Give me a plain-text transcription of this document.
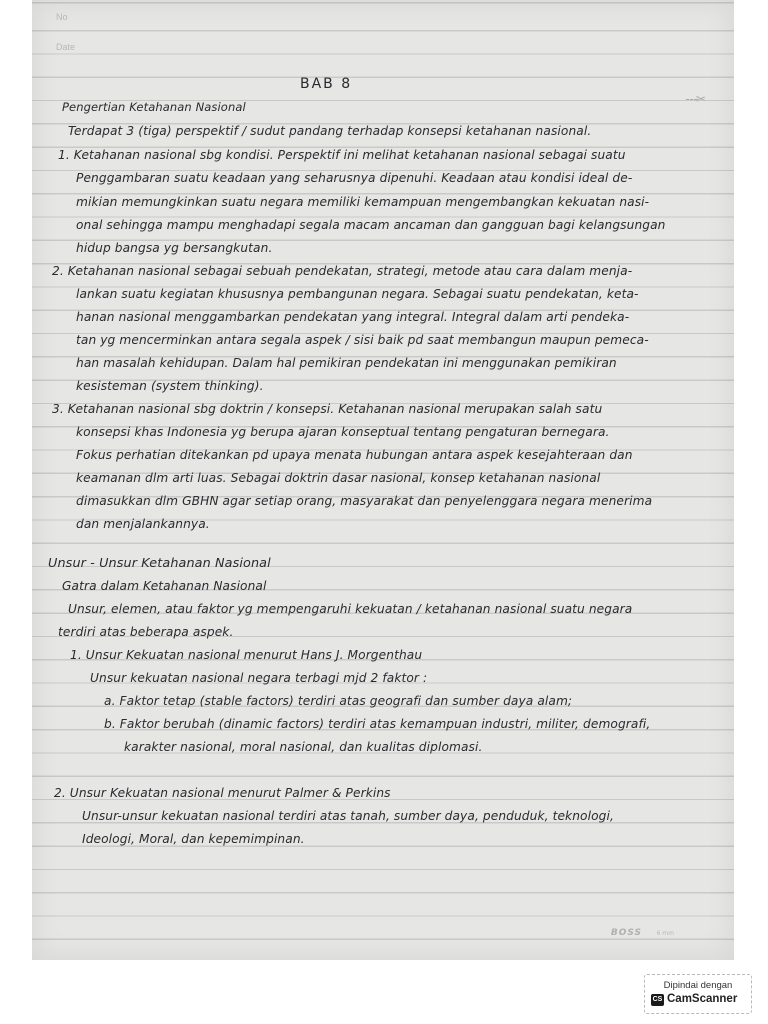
No
Date
- - -✂
BAB 8
Pengertian Ketahanan Nasional
Terdapat 3 (tiga) perspektif / sudut pandang terhadap konsepsi ketahanan nasional.
1. Ketahanan nasional sbg kondisi. Perspektif ini melihat ketahanan nasional sebagai suatu
Penggambaran suatu keadaan yang seharusnya dipenuhi. Keadaan atau kondisi ideal de-
mikian memungkinkan suatu negara memiliki kemampuan mengembangkan kekuatan nasi-
onal sehingga mampu menghadapi segala macam ancaman dan gangguan bagi kelangsungan
hidup bangsa yg bersangkutan.
2. Ketahanan nasional sebagai sebuah pendekatan, strategi, metode atau cara dalam menja-
lankan suatu kegiatan khususnya pembangunan negara. Sebagai suatu pendekatan, keta-
hanan nasional menggambarkan pendekatan yang integral. Integral dalam arti pendeka-
tan yg mencerminkan antara segala aspek / sisi baik pd saat membangun maupun pemeca-
han masalah kehidupan. Dalam hal pemikiran pendekatan ini menggunakan pemikiran
kesisteman (system thinking).
3. Ketahanan nasional sbg doktrin / konsepsi. Ketahanan nasional merupakan salah satu
konsepsi khas Indonesia yg berupa ajaran konseptual tentang pengaturan bernegara.
Fokus perhatian ditekankan pd upaya menata hubungan antara aspek kesejahteraan dan
keamanan dlm arti luas. Sebagai doktrin dasar nasional, konsep ketahanan nasional
dimasukkan dlm GBHN agar setiap orang, masyarakat dan penyelenggara negara menerima
dan menjalankannya.
Unsur - Unsur Ketahanan Nasional
Gatra dalam Ketahanan Nasional
Unsur, elemen, atau faktor yg mempengaruhi kekuatan / ketahanan nasional suatu negara
terdiri atas beberapa aspek.
1. Unsur Kekuatan nasional menurut Hans J. Morgenthau
Unsur kekuatan nasional negara terbagi mjd 2 faktor :
a. Faktor tetap (stable factors) terdiri atas geografi dan sumber daya alam;
b. Faktor berubah (dinamic factors) terdiri atas kemampuan industri, militer, demografi,
karakter nasional, moral nasional, dan kualitas diplomasi.
2. Unsur Kekuatan nasional menurut Palmer & Perkins
Unsur-unsur kekuatan nasional terdiri atas tanah, sumber daya, penduduk, teknologi,
Ideologi, Moral, dan kepemimpinan.
BOSS 6 mm
Dipindai dengan
CS CamScanner
